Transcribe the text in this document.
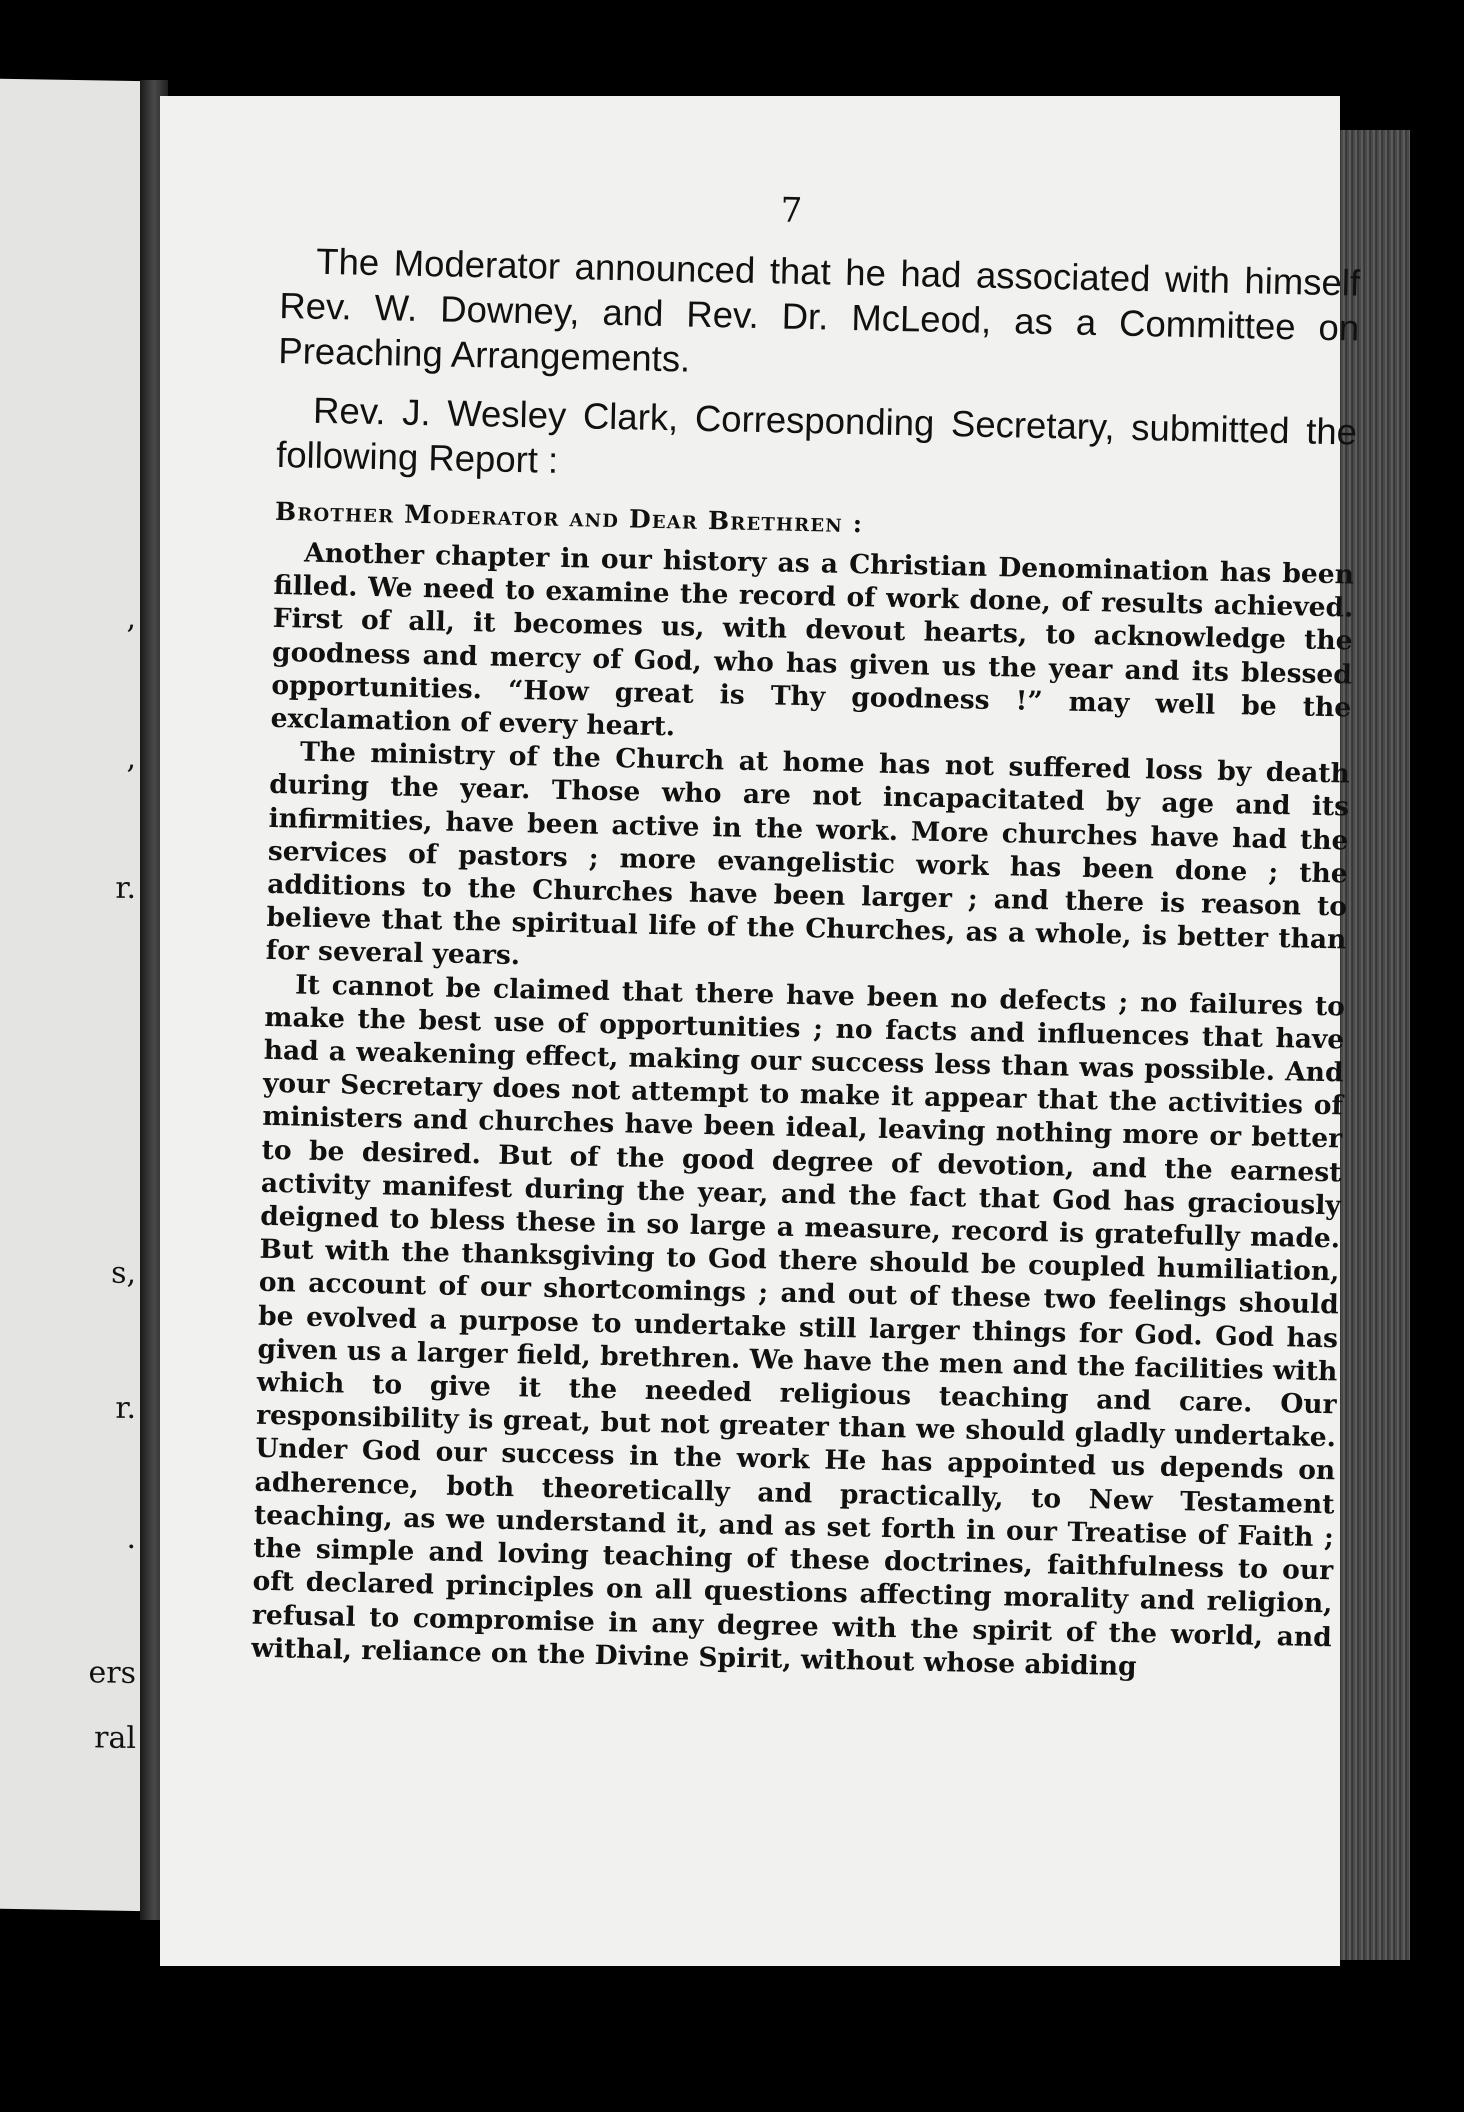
,
,
r.
s,
r.
.
ers
ral
7

The Moderator announced that he had associated with himself Rev. W. Downey, and Rev. Dr. McLeod, as a Committee on Preaching Arrangements.

Rev. J. Wesley Clark, Corresponding Secretary, submitted the following Report :

Brother Moderator and Dear Brethren :

Another chapter in our history as a Christian Denomination has been filled. We need to examine the record of work done, of results achieved. First of all, it becomes us, with devout hearts, to acknowledge the goodness and mercy of God, who has given us the year and its blessed opportunities. “How great is Thy goodness !” may well be the exclamation of every heart.

The ministry of the Church at home has not suffered loss by death during the year. Those who are not incapacitated by age and its infirmities, have been active in the work. More churches have had the services of pastors ; more evangelistic work has been done ; the additions to the Churches have been larger ; and there is reason to believe that the spiritual life of the Churches, as a whole, is better than for several years.

It cannot be claimed that there have been no defects ; no failures to make the best use of opportunities ; no facts and influences that have had a weakening effect, making our success less than was possible. And your Secretary does not attempt to make it appear that the activities of ministers and churches have been ideal, leaving nothing more or better to be desired. But of the good degree of devotion, and the earnest activity manifest during the year, and the fact that God has graciously deigned to bless these in so large a measure, record is gratefully made. But with the thanksgiving to God there should be coupled humiliation, on account of our shortcomings ; and out of these two feelings should be evolved a purpose to undertake still larger things for God. God has given us a larger field, brethren. We have the men and the facilities with which to give it the needed religious teaching and care. Our responsibility is great, but not greater than we should gladly undertake. Under God our success in the work He has appointed us depends on adherence, both theoretically and practically, to New Testament teaching, as we understand it, and as set forth in our Treatise of Faith ; the simple and loving teaching of these doctrines, faithfulness to our oft declared principles on all questions affecting morality and religion, refusal to compromise in any degree with the spirit of the world, and withal, reliance on the Divine Spirit, without whose abiding
